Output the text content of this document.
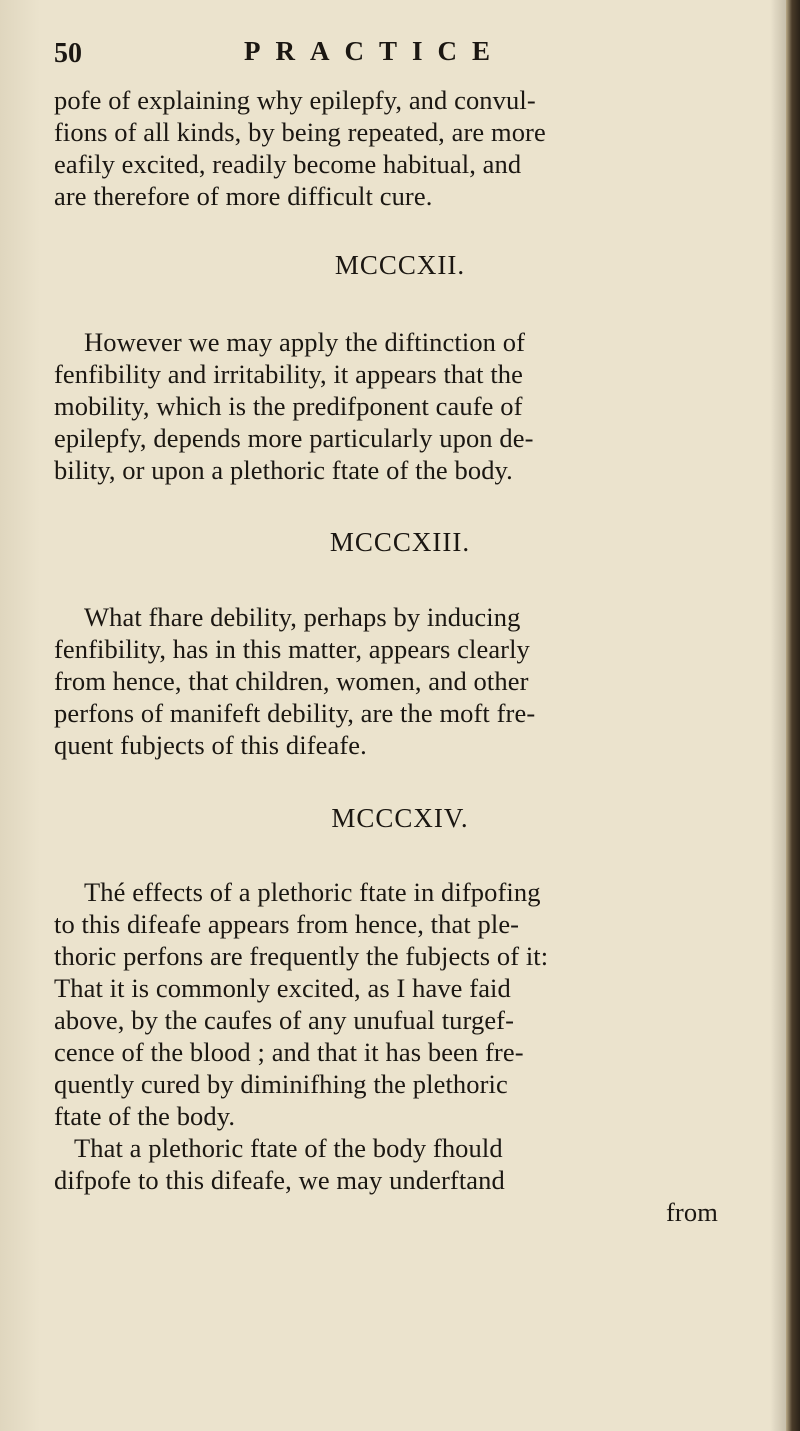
50	PRACTICE
pofe of explaining why epilepfy, and convul-
fions of all kinds, by being repeated, are more
eafily excited, readily become habitual, and
are therefore of more difficult cure.
MCCCXII.
However we may apply the diftinction of
fenfibility and irritability, it appears that the
mobility, which is the predifponent caufe of
epilepfy, depends more particularly upon de-
bility, or upon a plethoric ftate of the body.
MCCCXIII.
What fhare debility, perhaps by inducing
fenfibility, has in this matter, appears clearly
from hence, that children, women, and other
perfons of manifeft debility, are the moft fre-
quent fubjects of this difeafe.
MCCCXIV.
Thé effects of a plethoric ftate in difpofing
to this difeafe appears from hence, that ple-
thoric perfons are frequently the fubjects of it:
That it is commonly excited, as I have faid
above, by the caufes of any unufual turgef-
cence of the blood ; and that it has been fre-
quently cured by diminifhing the plethoric
ftate of the body.
That a plethoric ftate of the body fhould
difpofe to this difeafe, we may underftand
from
